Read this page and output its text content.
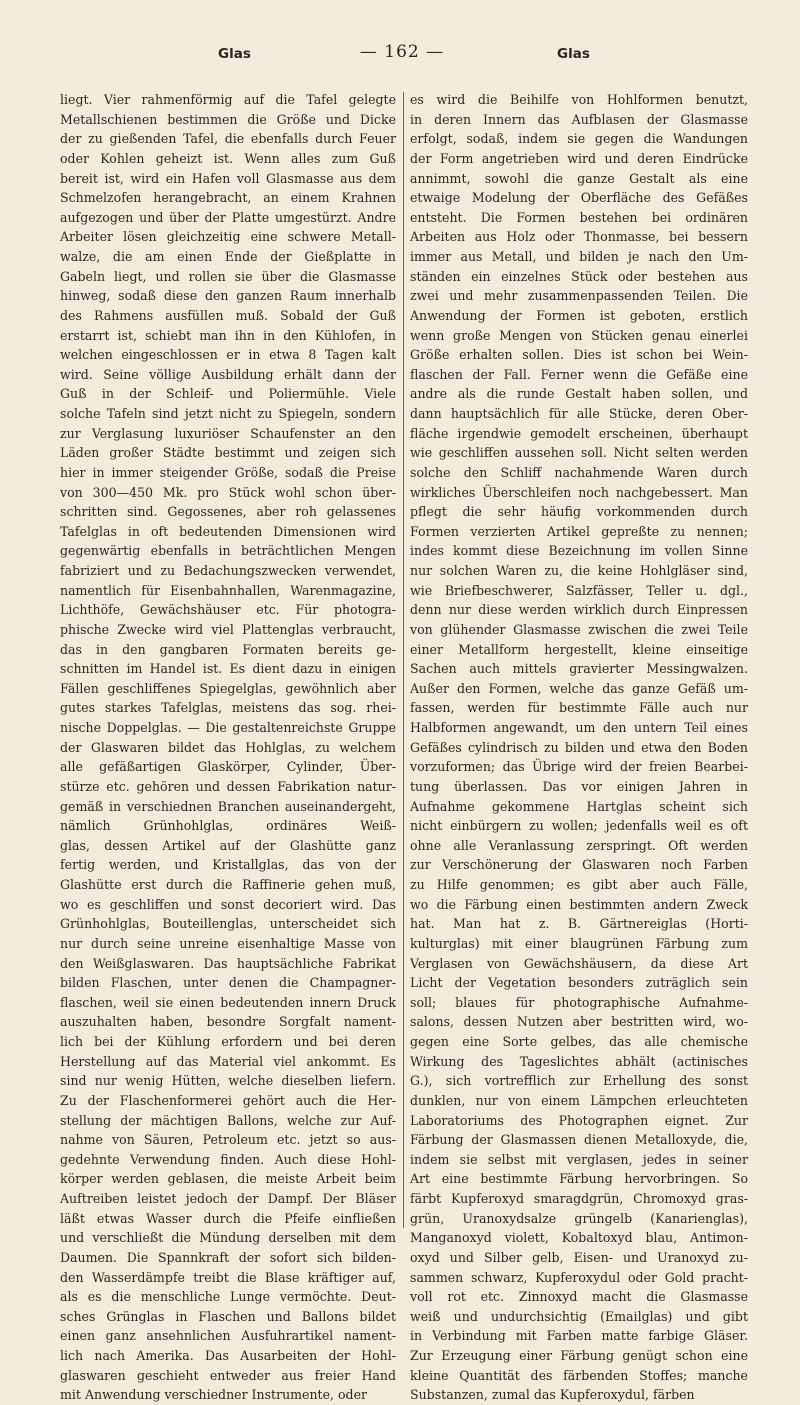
Glas	— 162 —	Glas
liegt. Vier rahmenförmig auf die Tafel gelegte
Metallschienen bestimmen die Größe und Dicke
der zu gießenden Tafel, die ebenfalls durch Feuer
oder Kohlen geheizt ist. Wenn alles zum Guß
bereit ist, wird ein Hafen voll Glasmasse aus dem
Schmelzofen herangebracht, an einem Krahnen
aufgezogen und über der Platte umgestürzt. Andre
Arbeiter lösen gleichzeitig eine schwere Metall-
walze, die am einen Ende der Gießplatte in
Gabeln liegt, und rollen sie über die Glasmasse
hinweg, sodaß diese den ganzen Raum innerhalb
des Rahmens ausfüllen muß. Sobald der Guß
erstarrt ist, schiebt man ihn in den Kühlofen, in
welchen eingeschlossen er in etwa 8 Tagen kalt
wird. Seine völlige Ausbildung erhält dann der
Guß in der Schleif- und Poliermühle. Viele
solche Tafeln sind jetzt nicht zu Spiegeln, sondern
zur Verglasung luxuriöser Schaufenster an den
Läden großer Städte bestimmt und zeigen sich
hier in immer steigender Größe, sodaß die Preise
von 300—450 Mk. pro Stück wohl schon über-
schritten sind. Gegossenes, aber roh gelassenes
Tafelglas in oft bedeutenden Dimensionen wird
gegenwärtig ebenfalls in beträchtlichen Mengen
fabriziert und zu Bedachungszwecken verwendet,
namentlich für Eisenbahnhallen, Warenmagazine,
Lichthöfe, Gewächshäuser etc. Für photogra-
phische Zwecke wird viel Plattenglas verbraucht,
das in den gangbaren Formaten bereits ge-
schnitten im Handel ist. Es dient dazu in einigen
Fällen geschliffenes Spiegelglas, gewöhnlich aber
gutes starkes Tafelglas, meistens das sog. rhei-
nische Doppelglas. — Die gestaltenreichste Gruppe
der Glaswaren bildet das Hohlglas, zu welchem
alle gefäßartigen Glaskörper, Cylinder, Über-
stürze etc. gehören und dessen Fabrikation natur-
gemäß in verschiednen Branchen auseinandergeht,
nämlich Grünhohlglas, ordinäres Weiß-
glas, dessen Artikel auf der Glashütte ganz
fertig werden, und Kristallglas, das von der
Glashütte erst durch die Raffinerie gehen muß,
wo es geschliffen und sonst decoriert wird. Das
Grünhohlglas, Bouteillenglas, unterscheidet sich
nur durch seine unreine eisenhaltige Masse von
den Weißglaswaren. Das hauptsächliche Fabrikat
bilden Flaschen, unter denen die Champagner-
flaschen, weil sie einen bedeutenden innern Druck
auszuhalten haben, besondre Sorgfalt nament-
lich bei der Kühlung erfordern und bei deren
Herstellung auf das Material viel ankommt. Es
sind nur wenig Hütten, welche dieselben liefern.
Zu der Flaschenformerei gehört auch die Her-
stellung der mächtigen Ballons, welche zur Auf-
nahme von Säuren, Petroleum etc. jetzt so aus-
gedehnte Verwendung finden. Auch diese Hohl-
körper werden geblasen, die meiste Arbeit beim
Auftreiben leistet jedoch der Dampf. Der Bläser
läßt etwas Wasser durch die Pfeife einfließen
und verschließt die Mündung derselben mit dem
Daumen. Die Spannkraft der sofort sich bilden-
den Wasserdämpfe treibt die Blase kräftiger auf,
als es die menschliche Lunge vermöchte. Deut-
sches Grünglas in Flaschen und Ballons bildet
einen ganz ansehnlichen Ausfuhrartikel nament-
lich nach Amerika. Das Ausarbeiten der Hohl-
glaswaren geschieht entweder aus freier Hand
mit Anwendung verschiedner Instrumente, oder
es wird die Beihilfe von Hohlformen benutzt,
in deren Innern das Aufblasen der Glasmasse
erfolgt, sodaß, indem sie gegen die Wandungen
der Form angetrieben wird und deren Eindrücke
annimmt, sowohl die ganze Gestalt als eine
etwaige Modelung der Oberfläche des Gefäßes
entsteht. Die Formen bestehen bei ordinären
Arbeiten aus Holz oder Thonmasse, bei bessern
immer aus Metall, und bilden je nach den Um-
ständen ein einzelnes Stück oder bestehen aus
zwei und mehr zusammenpassenden Teilen. Die
Anwendung der Formen ist geboten, erstlich
wenn große Mengen von Stücken genau einerlei
Größe erhalten sollen. Dies ist schon bei Wein-
flaschen der Fall. Ferner wenn die Gefäße eine
andre als die runde Gestalt haben sollen, und
dann hauptsächlich für alle Stücke, deren Ober-
fläche irgendwie gemodelt erscheinen, überhaupt
wie geschliffen aussehen soll. Nicht selten werden
solche den Schliff nachahmende Waren durch
wirkliches Überschleifen noch nachgebessert. Man
pflegt die sehr häufig vorkommenden durch
Formen verzierten Artikel gepreßte zu nennen;
indes kommt diese Bezeichnung im vollen Sinne
nur solchen Waren zu, die keine Hohlgläser sind,
wie Briefbeschwerer, Salzfässer, Teller u. dgl.,
denn nur diese werden wirklich durch Einpressen
von glühender Glasmasse zwischen die zwei Teile
einer Metallform hergestellt, kleine einseitige
Sachen auch mittels gravierter Messingwalzen.
Außer den Formen, welche das ganze Gefäß um-
fassen, werden für bestimmte Fälle auch nur
Halbformen angewandt, um den untern Teil eines
Gefäßes cylindrisch zu bilden und etwa den Boden
vorzuformen; das Übrige wird der freien Bearbei-
tung überlassen. Das vor einigen Jahren in
Aufnahme gekommene Hartglas scheint sich
nicht einbürgern zu wollen; jedenfalls weil es oft
ohne alle Veranlassung zerspringt. Oft werden
zur Verschönerung der Glaswaren noch Farben
zu Hilfe genommen; es gibt aber auch Fälle,
wo die Färbung einen bestimmten andern Zweck
hat. Man hat z. B. Gärtnereiglas (Horti-
kulturglas) mit einer blaugrünen Färbung zum
Verglasen von Gewächshäusern, da diese Art
Licht der Vegetation besonders zuträglich sein
soll; blaues für photographische Aufnahme-
salons, dessen Nutzen aber bestritten wird, wo-
gegen eine Sorte gelbes, das alle chemische
Wirkung des Tageslichtes abhält (actinisches
G.), sich vortrefflich zur Erhellung des sonst
dunklen, nur von einem Lämpchen erleuchteten
Laboratoriums des Photographen eignet. Zur
Färbung der Glasmassen dienen Metalloxyde, die,
indem sie selbst mit verglasen, jedes in seiner
Art eine bestimmte Färbung hervorbringen. So
färbt Kupferoxyd smaragdgrün, Chromoxyd gras-
grün, Uranoxydsalze grüngelb (Kanarienglas),
Manganoxyd violett, Kobaltoxyd blau, Antimon-
oxyd und Silber gelb, Eisen- und Uranoxyd zu-
sammen schwarz, Kupferoxydul oder Gold pracht-
voll rot etc. Zinnoxyd macht die Glasmasse
weiß und undurchsichtig (Emailglas) und gibt
in Verbindung mit Farben matte farbige Gläser.
Zur Erzeugung einer Färbung genügt schon eine
kleine Quantität des färbenden Stoffes; manche
Substanzen, zumal das Kupferoxydul, färben
